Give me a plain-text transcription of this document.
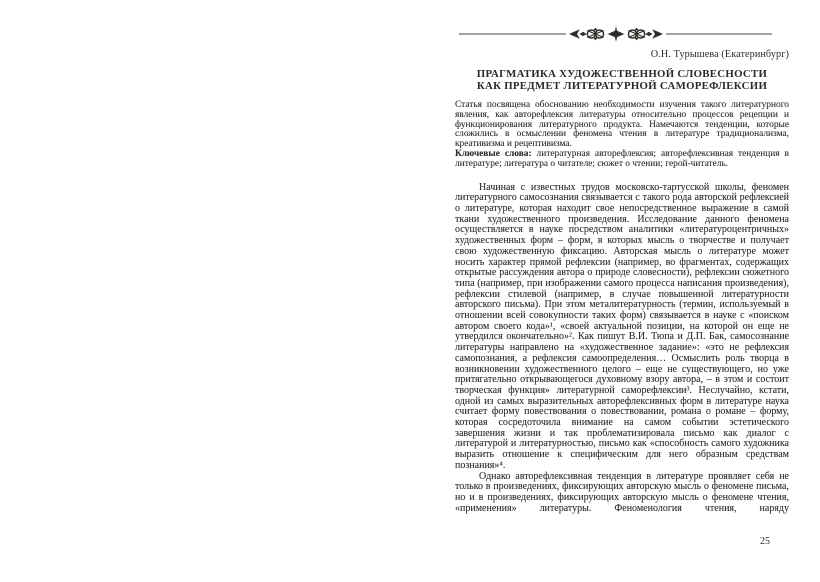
О.Н. Турышева (Екатеринбург)
ПРАГМАТИКА ХУДОЖЕСТВЕННОЙ СЛОВЕСНОСТИ
КАК ПРЕДМЕТ ЛИТЕРАТУРНОЙ САМОРЕФЛЕКСИИ

Статья посвящена обоснованию необходимости изучения такого литературного явления, как авторефлексия литературы относительно процессов рецепции и функционирования литературного продукта. Намечаются тенденции, которые сложились в осмыслении феномена чтения в литературе традиционализма, креативизма и рецептивизма.

Ключевые слова: литературная авторефлексия; авторефлексивная тенденция в литературе; литература о читателе; сюжет о чтении; герой-читатель.

Начиная с известных трудов московско-тартусской школы, феномен литературного самосознания связывается с такого рода авторской рефлексией о литературе, которая находит свое непосредственное выражение в самой ткани художественного произведения. Исследование данного феномена осуществляется в науке посредством аналитики «литературоцентричных» художественных форм – форм, в которых мысль о творчестве и получает свою художественную фиксацию. Авторская мысль о литературе может носить характер прямой рефлексии (например, во фрагментах, содержащих открытые рассуждения автора о природе словесности), рефлексии сюжетного типа (например, при изображении самого процесса написания произведения), рефлексии стилевой (например, в случае повышенной литературности авторского письма). При этом металитературность (термин, используемый в отношении всей совокупности таких форм) связывается в науке с «поиском автором своего кода»¹, «своей актуальной позиции, на которой он еще не утвердился окончательно»². Как пишут В.И. Тюпа и Д.П. Бак, самосознание литературы направлено на «художественное задание»: «это не рефлексия самопознания, а рефлексия самоопределения… Осмыслить роль творца в возникновении художественного целого – еще не существующего, но уже притягательно открывающегося духовному взору автора, – в этом и состоит творческая функция» литературной саморефлексии³. Неслучайно, кстати, одной из самых выразительных авторефлексивных форм в литературе наука считает форму повествования о повествовании, романа о романе – форму, которая сосредоточила внимание на самом событии эстетического завершения жизни и так проблематизировала письмо как диалог с литературой и литературностью, письмо как «способность самого художника выразить отношение к специфическим для него образным средствам познания»⁴.

Однако авторефлексивная тенденция в литературе проявляет себя не только в произведениях, фиксирующих авторскую мысль о феномене письма, но и в произведениях, фиксирующих авторскую мысль о феномене чтения, «применения» литературы. Феноменология чтения, наряду

25
